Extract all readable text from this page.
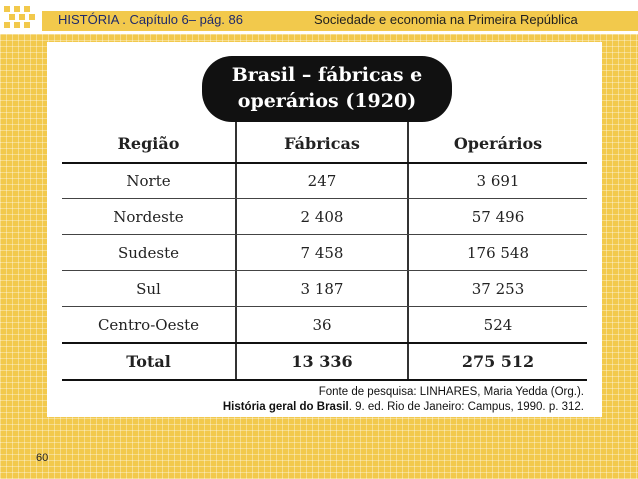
HISTÓRIA . Capítulo 6– pág. 86	Sociedade e economia na Primeira República
Brasil – fábricas e
operários (1920)
Região	Fábricas	Operários
Norte	247	3 691
Nordeste	2 408	57 496
Sudeste	7 458	176 548
Sul	3 187	37 253
Centro-Oeste	36	524
Total	13 336	275 512
Fonte de pesquisa: LINHARES, Maria Yedda (Org.).
História geral do Brasil. 9. ed. Rio de Janeiro: Campus, 1990. p. 312.
60
